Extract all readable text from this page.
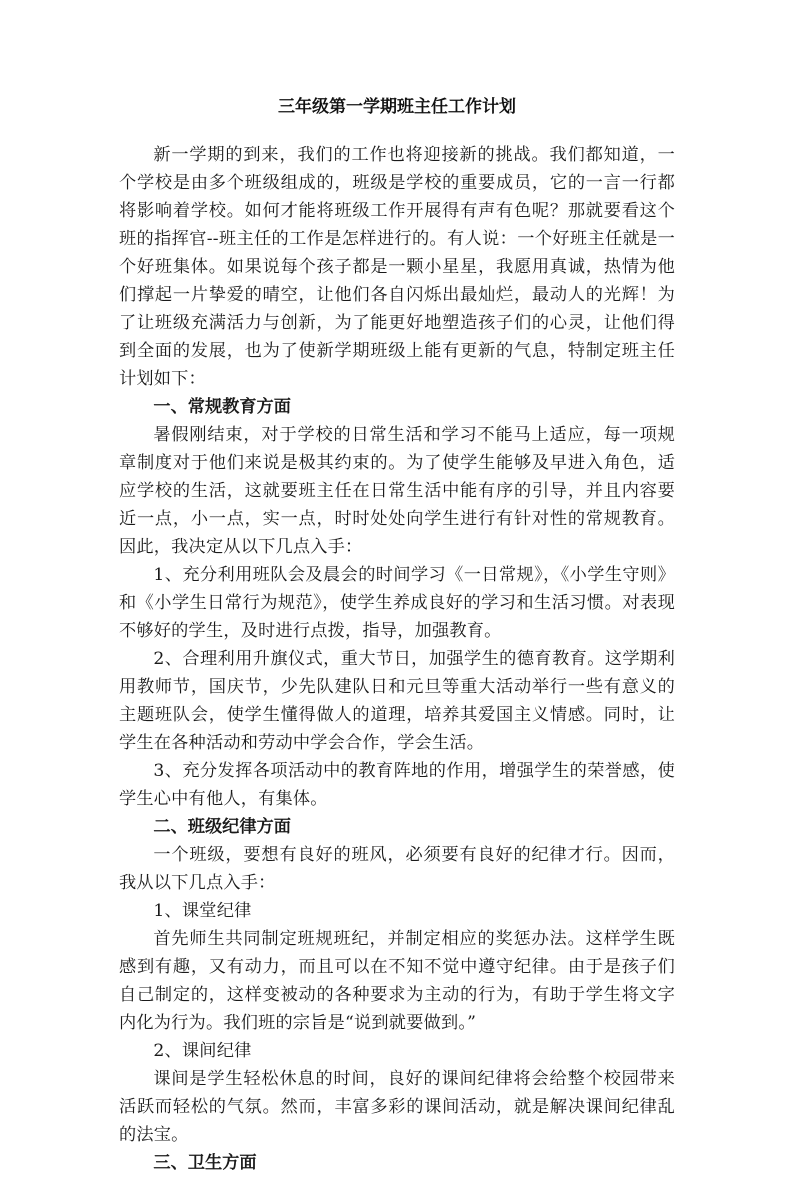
三年级第一学期班主任工作计划

新一学期的到来，我们的工作也将迎接新的挑战。我们都知道，一个学校是由多个班级组成的，班级是学校的重要成员，它的一言一行都将影响着学校。如何才能将班级工作开展得有声有色呢？那就要看这个班的指挥官--班主任的工作是怎样进行的。有人说：一个好班主任就是一个好班集体。如果说每个孩子都是一颗小星星，我愿用真诚，热情为他们撑起一片挚爱的晴空，让他们各自闪烁出最灿烂，最动人的光辉！为了让班级充满活力与创新，为了能更好地塑造孩子们的心灵，让他们得到全面的发展，也为了使新学期班级上能有更新的气息，特制定班主任计划如下：

一、常规教育方面

暑假刚结束，对于学校的日常生活和学习不能马上适应，每一项规章制度对于他们来说是极其约束的。为了使学生能够及早进入角色，适应学校的生活，这就要班主任在日常生活中能有序的引导，并且内容要近一点，小一点，实一点，时时处处向学生进行有针对性的常规教育。因此，我决定从以下几点入手：

1、充分利用班队会及晨会的时间学习《一日常规》，《小学生守则》和《小学生日常行为规范》，使学生养成良好的学习和生活习惯。对表现不够好的学生，及时进行点拨，指导，加强教育。

2、合理利用升旗仪式，重大节日，加强学生的德育教育。这学期利用教师节，国庆节，少先队建队日和元旦等重大活动举行一些有意义的主题班队会，使学生懂得做人的道理，培养其爱国主义情感。同时，让学生在各种活动和劳动中学会合作，学会生活。

3、充分发挥各项活动中的教育阵地的作用，增强学生的荣誉感，使学生心中有他人，有集体。

二、班级纪律方面

一个班级，要想有良好的班风，必须要有良好的纪律才行。因而，我从以下几点入手：

1、课堂纪律

首先师生共同制定班规班纪，并制定相应的奖惩办法。这样学生既感到有趣，又有动力，而且可以在不知不觉中遵守纪律。由于是孩子们自己制定的，这样变被动的各种要求为主动的行为，有助于学生将文字内化为行为。我们班的宗旨是“说到就要做到。”

2、课间纪律

课间是学生轻松休息的时间，良好的课间纪律将会给整个校园带来活跃而轻松的气氛。然而，丰富多彩的课间活动，就是解决课间纪律乱的法宝。

三、卫生方面
